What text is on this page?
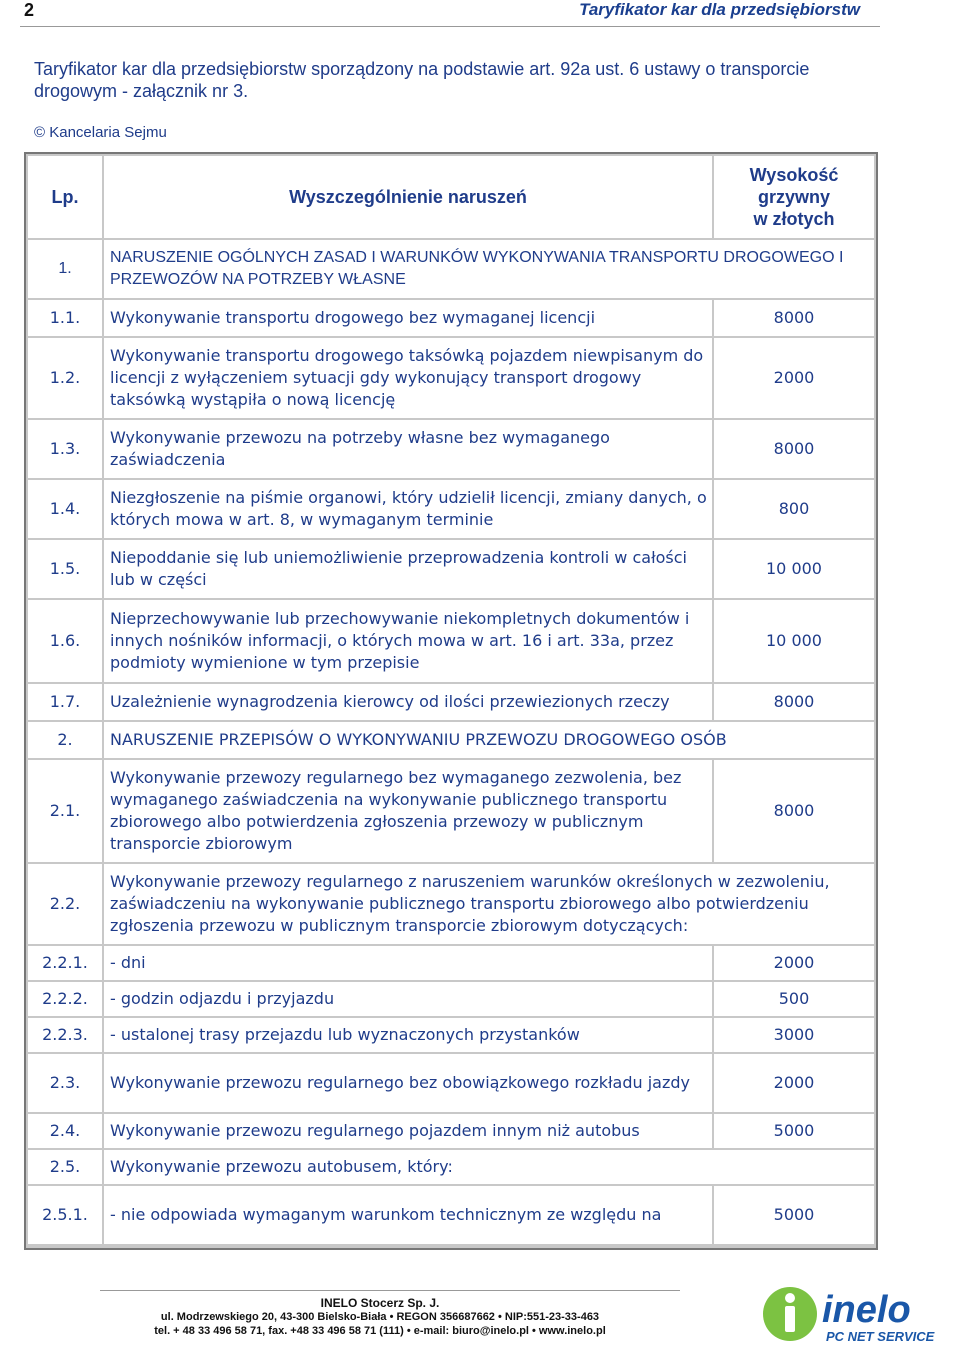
2	Taryfikator kar dla przedsiębiorstw
Taryfikator kar dla przedsiębiorstw sporządzony na podstawie art. 92a ust. 6 ustawy o transporcie drogowym - załącznik nr 3.
© Kancelaria Sejmu
Lp.	Wyszczególnienie naruszeń	Wysokość
grzywny
w złotych

1.	NARUSZENIE OGÓLNYCH ZASAD I WARUNKÓW WYKONYWANIA TRANSPORTU DROGOWEGO I PRZEWOZÓW NA POTRZEBY WŁASNE	
1.1.	Wykonywanie transportu drogowego bez wymaganej licencji	8000
1.2.	Wykonywanie transportu drogowego taksówką pojazdem niewpisanym do licencji z wyłączeniem sytuacji gdy wykonujący transport drogowy taksówką wystąpiła o nową licencję	2000
1.3.	Wykonywanie przewozu na potrzeby własne bez wymaganego zaświadczenia	8000
1.4.	Niezgłoszenie na piśmie organowi, który udzielił licencji, zmiany danych, o których mowa w art. 8, w wymaganym terminie	800
1.5.	Niepoddanie się lub uniemożliwienie przeprowadzenia kontroli w całości lub w części	10 000
1.6.	Nieprzechowywanie lub przechowywanie niekompletnych dokumentów i innych nośników informacji, o których mowa w art. 16 i art. 33a, przez podmioty wymienione w tym przepisie	10 000
1.7.	Uzależnienie wynagrodzenia kierowcy od ilości przewiezionych rzeczy	8000
2.	NARUSZENIE PRZEPISÓW O WYKONYWANIU PRZEWOZU DROGOWEGO OSÓB	
2.1.	Wykonywanie przewozy regularnego bez wymaganego zezwolenia, bez wymaganego zaświadczenia na wykonywanie publicznego transportu zbiorowego albo potwierdzenia zgłoszenia przewozy w publicznym transporcie zbiorowym	8000
2.2.	Wykonywanie przewozy regularnego z naruszeniem warunków określonych w zezwoleniu, zaświadczeniu na wykonywanie publicznego transportu zbiorowego albo potwierdzeniu zgłoszenia przewozu w publicznym transporcie zbiorowym dotyczących:	
2.2.1.	- dni	2000
2.2.2.	- godzin odjazdu i przyjazdu	500
2.2.3.	- ustalonej trasy przejazdu lub wyznaczonych przystanków	3000
2.3.	Wykonywanie przewozu regularnego bez obowiązkowego rozkładu jazdy	2000
2.4.	Wykonywanie przewozu regularnego pojazdem innym niż autobus	5000
2.5.	Wykonywanie przewozu autobusem, który:	
2.5.1.	- nie odpowiada wymaganym warunkom technicznym ze względu na	5000
INELO Stocerz Sp. J.
ul. Modrzewskiego 20, 43-300 Bielsko-Biała • REGON 356687662 • NIP:551-23-33-463
tel. + 48 33 496 58 71, fax. +48 33 496 58 71 (111) • e-mail: biuro@inelo.pl • www.inelo.pl	inelo
PC NET SERVICE
